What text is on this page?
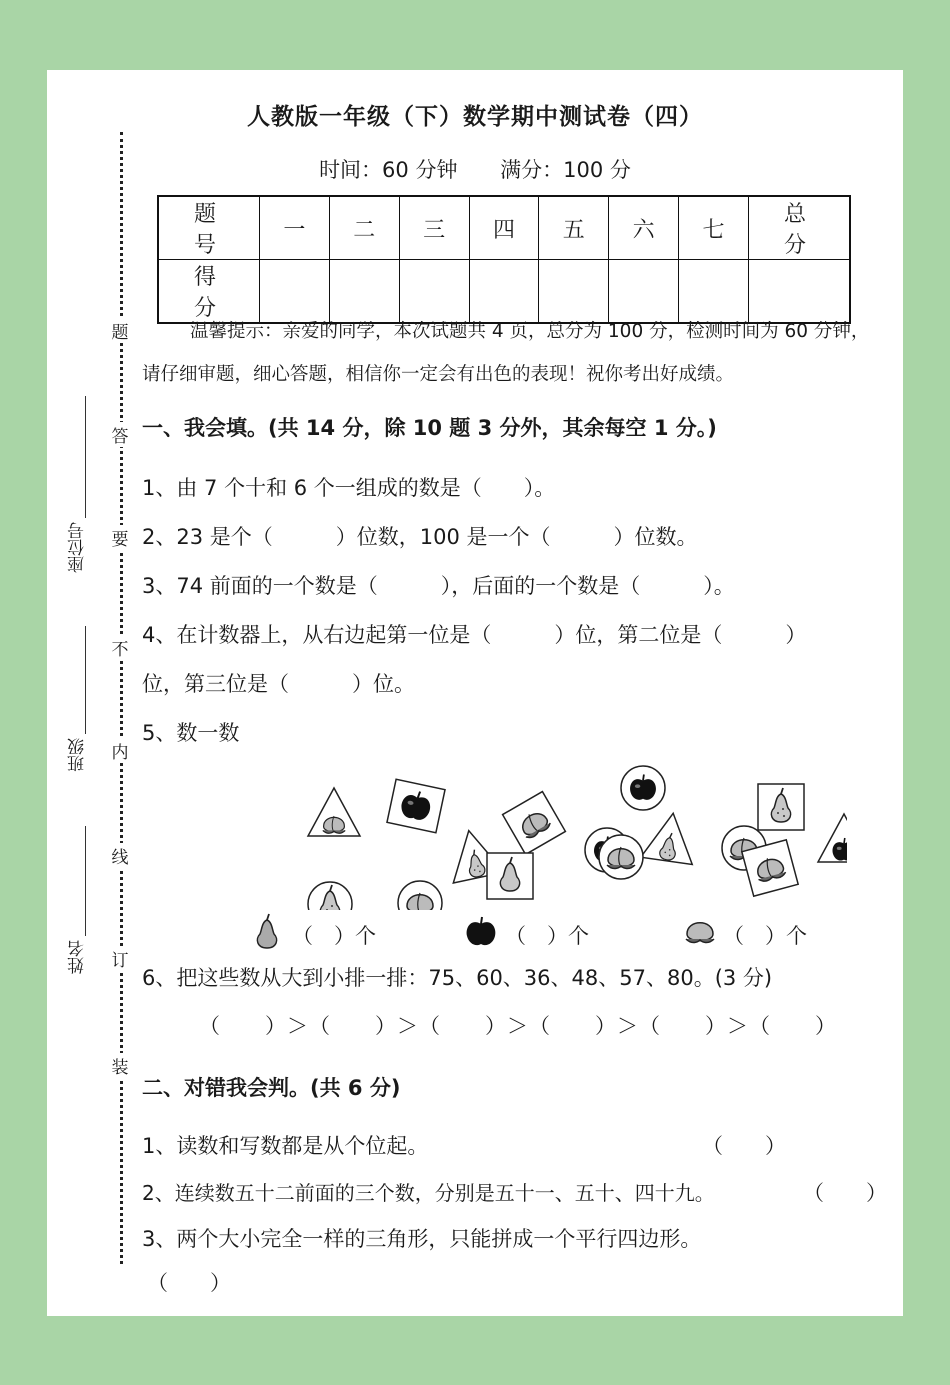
人教版一年级（下）数学期中测试卷（四）
时间：60 分钟 满分：100 分
题 号	一	二	三	四	五	六	七	总 分
得 分								
题
答
要
不
内
线
订
装
座位号
班级
姓名
温馨提示：亲爱的同学，本次试题共 4 页，总分为 100 分，检测时间为 60 分钟，请仔细审题，细心答题，相信你一定会有出色的表现！祝你考出好成绩。
一、我会填。(共 14 分，除 10 题 3 分外，其余每空 1 分。)
1、由 7 个十和 6 个一组成的数是（　　）。
2、23 是个（　　　）位数，100 是一个（　　　）位数。
3、74 前面的一个数是（　　　），后面的一个数是（　　　）。
4、在计数器上，从右边起第一位是（　　　）位，第二位是（　　　）
位，第三位是（　　　）位。
5、数一数
（　）个	（　）个	（　）个
6、把这些数从大到小排一排：75、60、36、48、57、80。(3 分)
（　　）＞（　　）＞（　　）＞（　　）＞（　　）＞（　　）
二、对错我会判。(共 6 分)
1、读数和写数都是从个位起。	（　　）
2、连续数五十二前面的三个数，分别是五十一、五十、四十九。	（　　）
3、两个大小完全一样的三角形，只能拼成一个平行四边形。
（　　）
